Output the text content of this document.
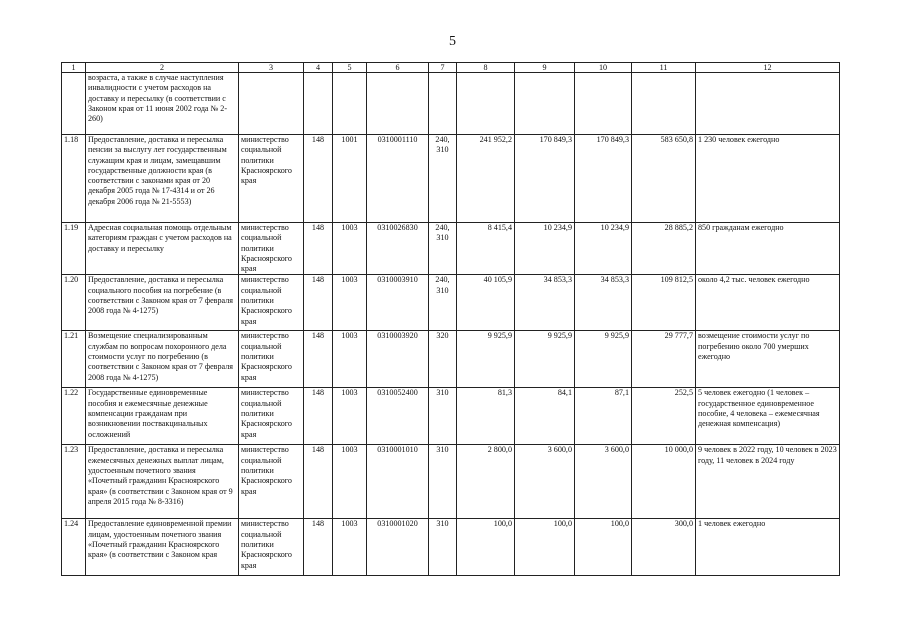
5
1	2	3	4	5	6	7	8	9	10	11	12
	возраста, а также в случае наступления инвалидности с учетом расходов на доставку и пересылку (в соответствии с Законом края от 11 июня 2002 года № 2-260)										
1.18	Предоставление, доставка и пересылка пенсии за выслугу лет государственным служащим края и лицам, замещавшим государственные должности края (в соответствии с законами края от 20 декабря 2005 года № 17-4314 и от 26 декабря 2006 года № 21-5553)	министерство социальной политики Красноярского края	148	1001	0310001110	240, 310	241 952,2	170 849,3	170 849,3	583 650,8	1 230 человек ежегодно
1.19	Адресная социальная помощь отдельным категориям граждан с учетом расходов на доставку и пересылку	министерство социальной политики Красноярского края	148	1003	0310026830	240, 310	8 415,4	10 234,9	10 234,9	28 885,2	850 гражданам ежегодно
1.20	Предоставление, доставка и пересылка социального пособия на погребение (в соответствии с Законом края от 7 февраля 2008 года № 4-1275)	министерство социальной политики Красноярского края	148	1003	0310003910	240, 310	40 105,9	34 853,3	34 853,3	109 812,5	около 4,2 тыс. человек ежегодно
1.21	Возмещение специализированным службам по вопросам похоронного дела стоимости услуг по погребению (в соответствии с Законом края от 7 февраля 2008 года № 4-1275)	министерство социальной политики Красноярского края	148	1003	0310003920	320	9 925,9	9 925,9	9 925,9	29 777,7	возмещение стоимости услуг по погребению около 700 умерших ежегодно
1.22	Государственные единовременные пособия и ежемесячные денежные компенсации гражданам при возникновении поствакцинальных осложнений	министерство социальной политики Красноярского края	148	1003	0310052400	310	81,3	84,1	87,1	252,5	5 человек ежегодно (1 человек – государственное единовременное пособие, 4 человека – ежемесячная денежная компенсация)
1.23	Предоставление, доставка и пересылка ежемесячных денежных выплат лицам, удостоенным почетного звания «Почетный гражданин Красноярского края» (в соответствии с Законом края от 9 апреля 2015 года № 8-3316)	министерство социальной политики Красноярского края	148	1003	0310001010	310	2 800,0	3 600,0	3 600,0	10 000,0	9 человек в 2022 году, 10 человек в 2023 году, 11 человек в 2024 году
1.24	Предоставление единовременной премии лицам, удостоенным почетного звания «Почетный гражданин Красноярского края» (в соответствии с Законом края	министерство социальной политики Красноярского края	148	1003	0310001020	310	100,0	100,0	100,0	300,0	1 человек ежегодно
